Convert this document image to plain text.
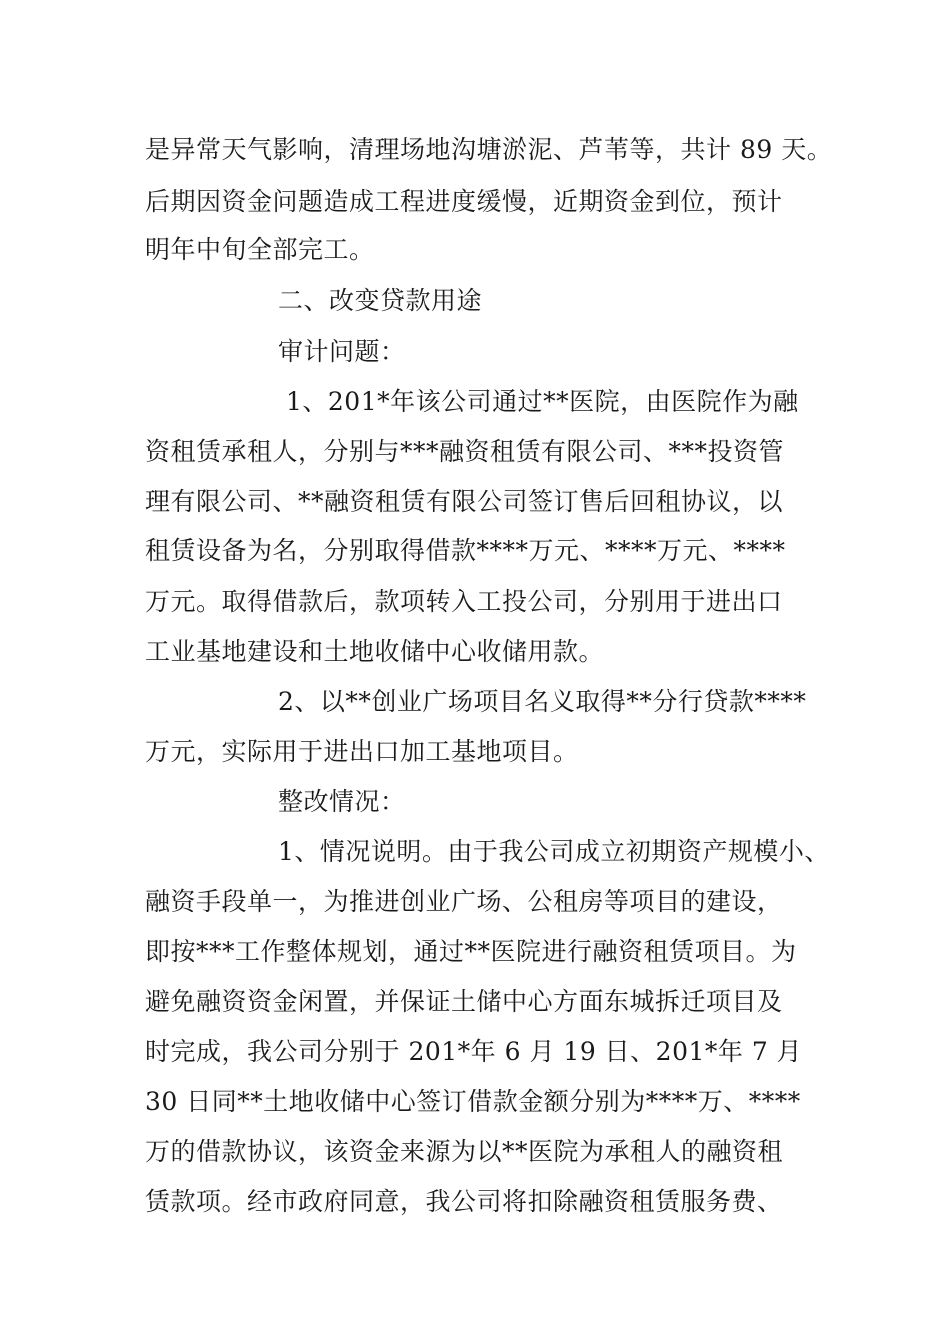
是异常天气影响，清理场地沟塘淤泥、芦苇等，共计 89 天。
后期因资金问题造成工程进度缓慢，近期资金到位，预计
明年中旬全部完工。
二、改变贷款用途
审计问题：
1、201*年该公司通过**医院，由医院作为融
资租赁承租人，分别与***融资租赁有限公司、***投资管
理有限公司、**融资租赁有限公司签订售后回租协议，以
租赁设备为名，分别取得借款****万元、****万元、****
万元。取得借款后，款项转入工投公司，分别用于进出口
工业基地建设和土地收储中心收储用款。
2、以**创业广场项目名义取得**分行贷款****
万元，实际用于进出口加工基地项目。
整改情况：
1、情况说明。由于我公司成立初期资产规模小、
融资手段单一，为推进创业广场、公租房等项目的建设，
即按***工作整体规划，通过**医院进行融资租赁项目。为
避免融资资金闲置，并保证土储中心方面东城拆迁项目及
时完成，我公司分别于 201*年 6 月 19 日、201*年 7 月
30 日同**土地收储中心签订借款金额分别为****万、****
万的借款协议，该资金来源为以**医院为承租人的融资租
赁款项。经市政府同意，我公司将扣除融资租赁服务费、
